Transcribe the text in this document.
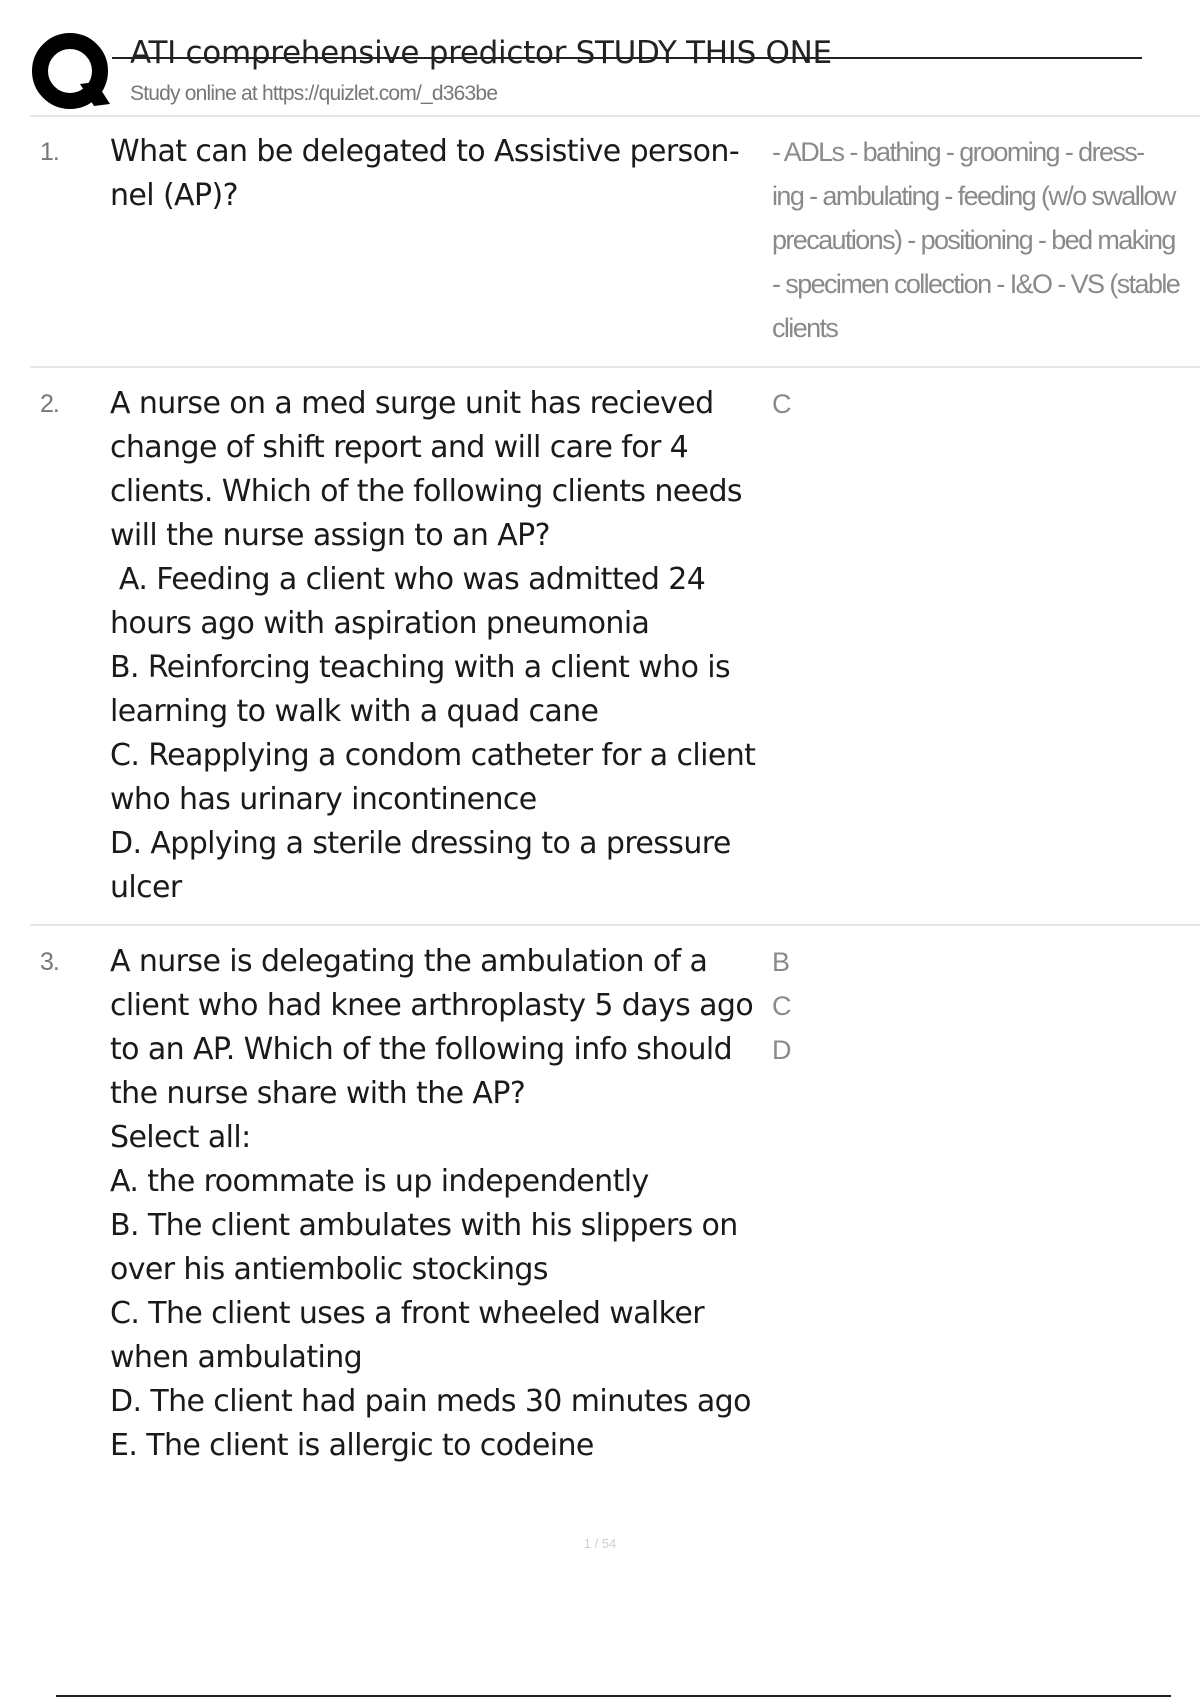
ATI comprehensive predictor STUDY THIS ONE
Study online at https://quizlet.com/_d363be
1. What can be delegated to Assistive person-
nel (AP)?
- ADLs - bathing - grooming - dress-
ing - ambulating - feeding (w/o swallow
precautions) - positioning - bed making
- specimen collection - I&O - VS (stable
clients
2. A nurse on a med surge unit has recieved
change of shift report and will care for 4
clients. Which of the following clients needs
will the nurse assign to an AP?
A. Feeding a client who was admitted 24
hours ago with aspiration pneumonia
B. Reinforcing teaching with a client who is
learning to walk with a quad cane
C. Reapplying a condom catheter for a client
who has urinary incontinence
D. Applying a sterile dressing to a pressure
ulcer
C
3. A nurse is delegating the ambulation of a
client who had knee arthroplasty 5 days ago
to an AP. Which of the following info should
the nurse share with the AP?
Select all:
A. the roommate is up independently
B. The client ambulates with his slippers on
over his antiembolic stockings
C. The client uses a front wheeled walker
when ambulating
D. The client had pain meds 30 minutes ago
E. The client is allergic to codeine
B
C
D
1 / 54
